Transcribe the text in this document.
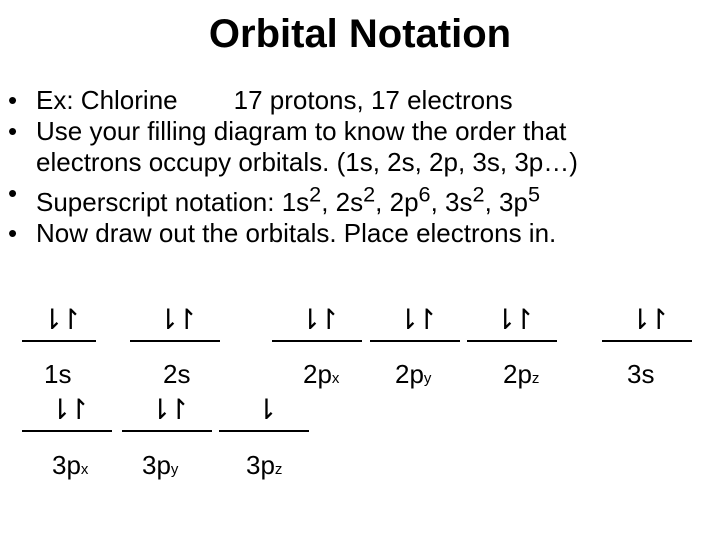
Orbital Notation
• Ex: Chlorine 17 protons, 17 electrons
• Use your filling diagram to know the order that
electrons occupy orbitals. (1s, 2s, 2p, 3s, 3p…)
• Superscript notation: $1s^2$, $2s^2$, $2p^6$, $3s^2$, $3p^5$
• Now draw out the orbitals. Place electrons in.
⇂↾	⇂↾	⇂↾	⇂↾	⇂↾	⇂↾
1s	2s	2px 2py	2pz	3s
⇂↾	⇂↾	⇂
3px 3py	3pz
